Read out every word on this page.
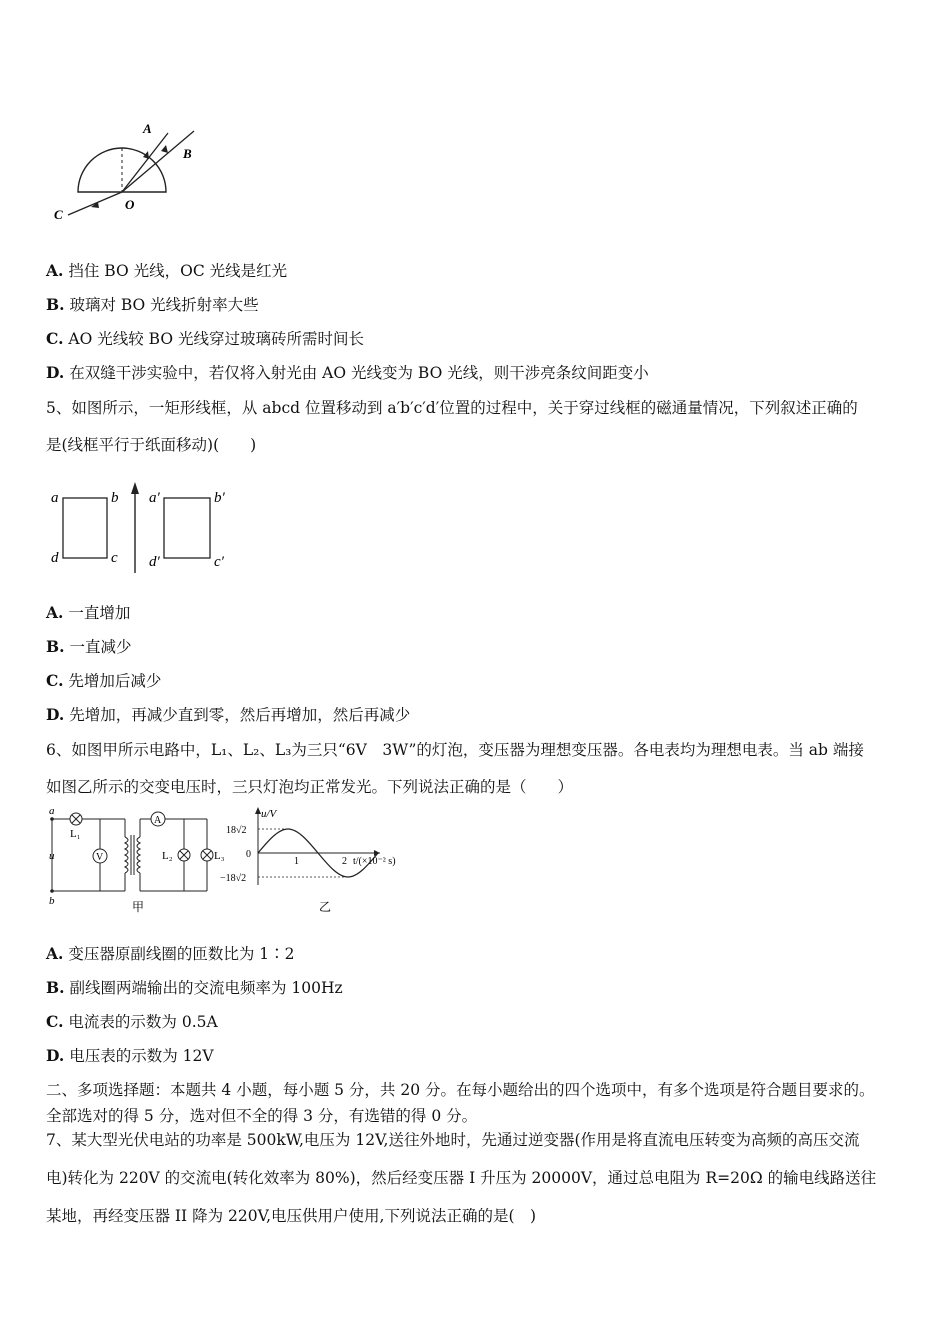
A
B
C
O
A. 挡住 BO 光线，OC 光线是红光
B. 玻璃对 BO 光线折射率大些
C. AO 光线较 BO 光线穿过玻璃砖所需时间长
D. 在双缝干涉实验中，若仅将入射光由 AO 光线变为 BO 光线，则干涉亮条纹间距变小
5、如图所示，一矩形线框，从 abcd 位置移动到 a′b′c′d′位置的过程中，关于穿过线框的磁通量情况，下列叙述正确的
是(线框平行于纸面移动)(　　)
a	b
c
d
a′	b′
c′
d′
A. 一直增加
B. 一直减少
C. 先增加后减少
D. 先增加，再减少直到零，然后再增加，然后再减少
6、如图甲所示电路中，L₁、L₂、L₃为三只“6V　3W”的灯泡，变压器为理想变压器。各电表均为理想电表。当 ab 端接
如图乙所示的交变电压时，三只灯泡均正常发光。下列说法正确的是（　　）
a
b
u
L₁
V
A
L₂	L₃
甲
u/V
18√2
0
−18√2
1	2 t/(×10⁻² s)
乙
A. 变压器原副线圈的匝数比为 1∶2
B. 副线圈两端输出的交流电频率为 100Hz
C. 电流表的示数为 0.5A
D. 电压表的示数为 12V
二、多项选择题：本题共 4 小题，每小题 5 分，共 20 分。在每小题给出的四个选项中，有多个选项是符合题目要求的。
全部选对的得 5 分，选对但不全的得 3 分，有选错的得 0 分。
7、某大型光伏电站的功率是 500kW,电压为 12V,送往外地时，先通过逆变器(作用是将直流电压转变为高频的高压交流
电)转化为 220V 的交流电(转化效率为 80%)，然后经变压器 I 升压为 20000V，通过总电阻为 R=20Ω 的输电线路送往
某地，再经变压器 II 降为 220V,电压供用户使用,下列说法正确的是(　)
